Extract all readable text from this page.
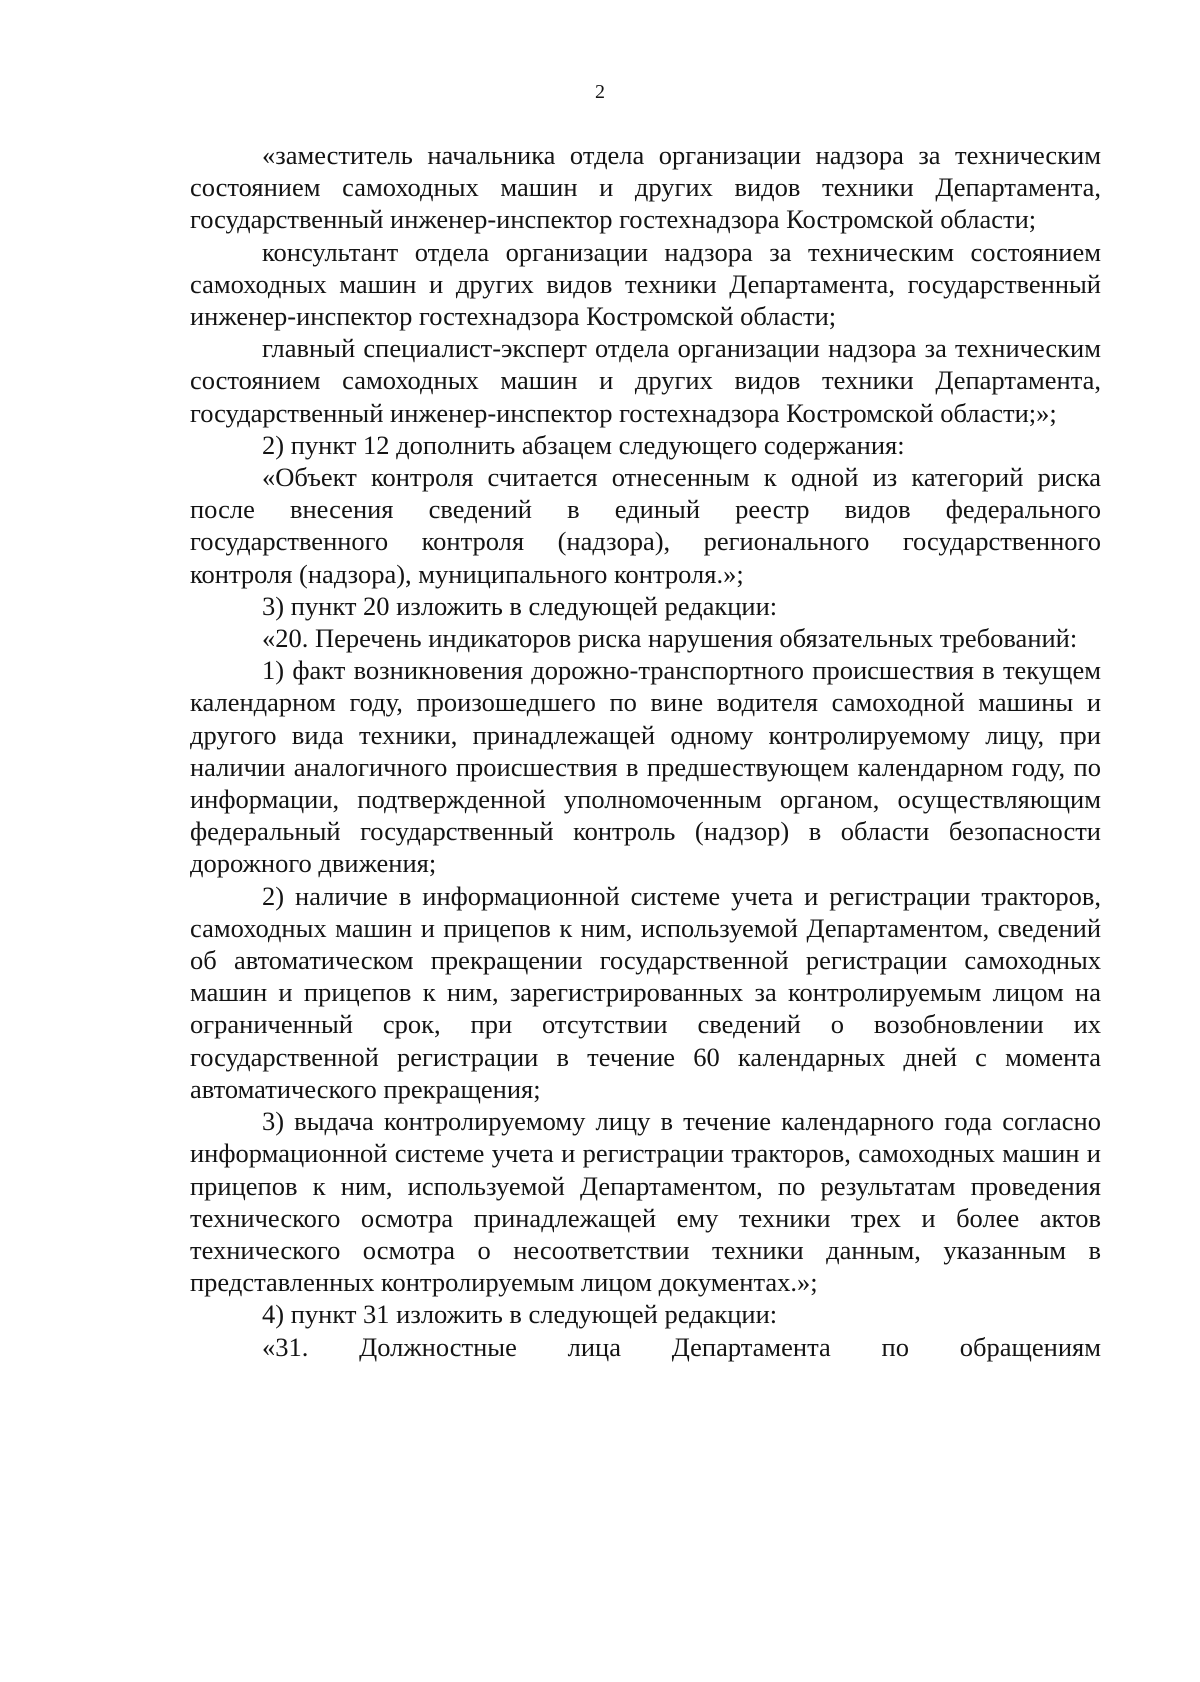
2

«заместитель начальника отдела организации надзора за техническим состоянием самоходных машин и других видов техники Департамента, государственный инженер-инспектор гостехнадзора Костромской области;

консультант отдела организации надзора за техническим состоянием самоходных машин и других видов техники Департамента, государственный инженер-инспектор гостехнадзора Костромской области;

главный специалист-эксперт отдела организации надзора за техническим состоянием самоходных машин и других видов техники Департамента, государственный инженер-инспектор гостехнадзора Костромской области;»;

2) пункт 12 дополнить абзацем следующего содержания:

«Объект контроля считается отнесенным к одной из категорий риска после внесения сведений в единый реестр видов федерального государственного контроля (надзора), регионального государственного контроля (надзора), муниципального контроля.»;

3) пункт 20 изложить в следующей редакции:

«20. Перечень индикаторов риска нарушения обязательных требований:

1) факт возникновения дорожно-транспортного происшествия в текущем календарном году, произошедшего по вине водителя самоходной машины и другого вида техники, принадлежащей одному контролируемому лицу, при наличии аналогичного происшествия в предшествующем календарном году, по информации, подтвержденной уполномоченным органом, осуществляющим федеральный государственный контроль (надзор) в области безопасности дорожного движения;

2) наличие в информационной системе учета и регистрации тракторов, самоходных машин и прицепов к ним, используемой Департаментом, сведений об автоматическом прекращении государственной регистрации самоходных машин и прицепов к ним, зарегистрированных за контролируемым лицом на ограниченный срок, при отсутствии сведений о возобновлении их государственной регистрации в течение 60 календарных дней с момента автоматического прекращения;

3) выдача контролируемому лицу в течение календарного года согласно информационной системе учета и регистрации тракторов, самоходных машин и прицепов к ним, используемой Департаментом, по результатам проведения технического осмотра принадлежащей ему техники трех и более актов технического осмотра о несоответствии техники данным, указанным в представленных контролируемым лицом документах.»;

4) пункт 31 изложить в следующей редакции:

«31. Должностные лица Департамента по обращениям
